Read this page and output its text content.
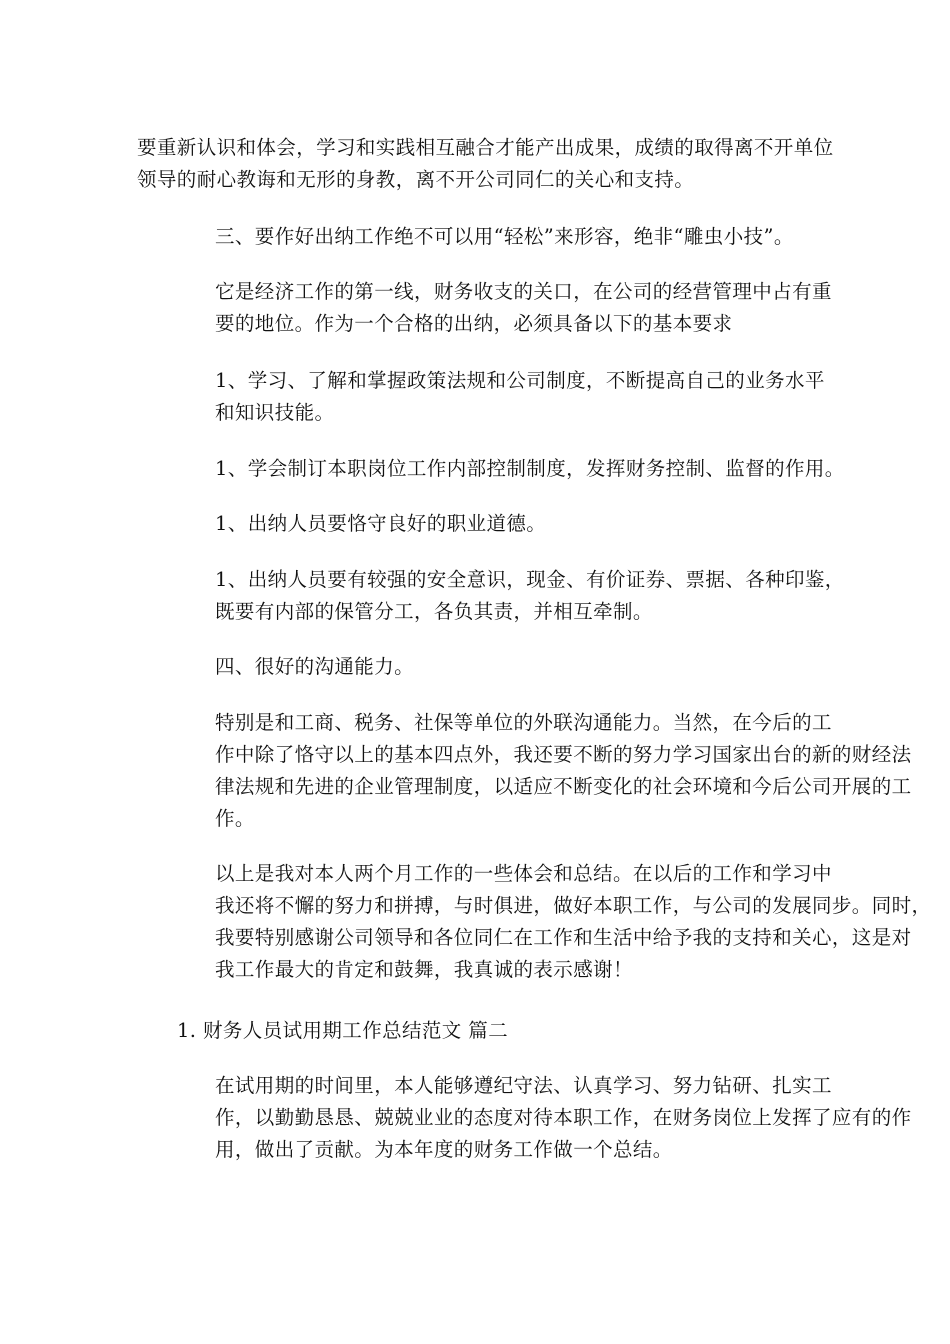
要重新认识和体会，学习和实践相互融合才能产出成果，成绩的取得离不开单位
领导的耐心教诲和无形的身教，离不开公司同仁的关心和支持。

三、要作好出纳工作绝不可以用“轻松”来形容，绝非“雕虫小技”。

它是经济工作的第一线，财务收支的关口，在公司的经营管理中占有重
要的地位。作为一个合格的出纳，必须具备以下的基本要求

1、学习、了解和掌握政策法规和公司制度，不断提高自己的业务水平
和知识技能。

1、学会制订本职岗位工作内部控制制度，发挥财务控制、监督的作用。

1、出纳人员要恪守良好的职业道德。

1、出纳人员要有较强的安全意识，现金、有价证券、票据、各种印鉴，
既要有内部的保管分工，各负其责，并相互牵制。

四、很好的沟通能力。

特别是和工商、税务、社保等单位的外联沟通能力。当然，在今后的工
作中除了恪守以上的基本四点外，我还要不断的努力学习国家出台的新的财经法
律法规和先进的企业管理制度，以适应不断变化的社会环境和今后公司开展的工
作。

以上是我对本人两个月工作的一些体会和总结。在以后的工作和学习中
我还将不懈的努力和拼搏，与时俱进，做好本职工作，与公司的发展同步。同时，
我要特别感谢公司领导和各位同仁在工作和生活中给予我的支持和关心，这是对
我工作最大的肯定和鼓舞，我真诚的表示感谢！

1. 财务人员试用期工作总结范文 篇二

在试用期的时间里，本人能够遵纪守法、认真学习、努力钻研、扎实工
作，以勤勤恳恳、兢兢业业的态度对待本职工作，在财务岗位上发挥了应有的作
用，做出了贡献。为本年度的财务工作做一个总结。
